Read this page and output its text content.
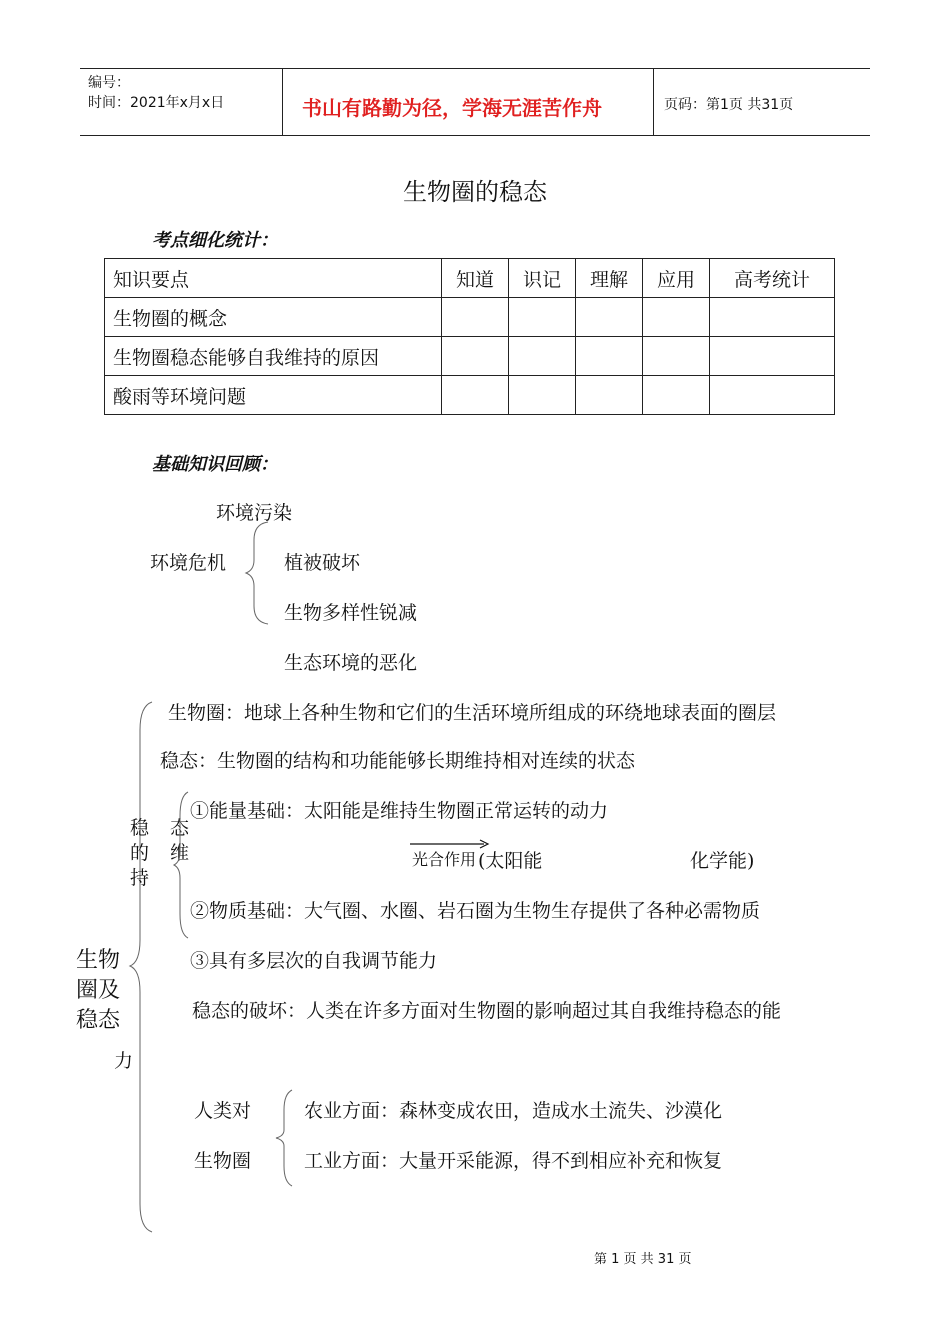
编号：
时间：2021年x月x日	书山有路勤为径，学海无涯苦作舟	页码：第1页 共31页
生物圈的稳态
考点细化统计：
知识要点	知道	识记	理解	应用	高考统计
生物圈的概念					
生物圈稳态能够自我维持的原因					
酸雨等环境问题					
基础知识回顾：
环境污染
环境危机	植被破坏
生物多样性锐减
生态环境的恶化
生物
圈及
稳态
力
生物圈：地球上各种生物和它们的生活环境所组成的环绕地球表面的圈层
稳态：生物圈的结构和功能能够长期维持相对连续的状态
稳
的
持
态
维
①能量基础：太阳能是维持生物圈正常运转的动力
光合作用 (太阳能	化学能)
②物质基础：大气圈、水圈、岩石圈为生物生存提供了各种必需物质
③具有多层次的自我调节能力
稳态的破坏：人类在许多方面对生物圈的影响超过其自我维持稳态的能
人类对
生物圈
农业方面：森林变成农田，造成水土流失、沙漠化
工业方面：大量开采能源，得不到相应补充和恢复
第 1 页 共 31 页
